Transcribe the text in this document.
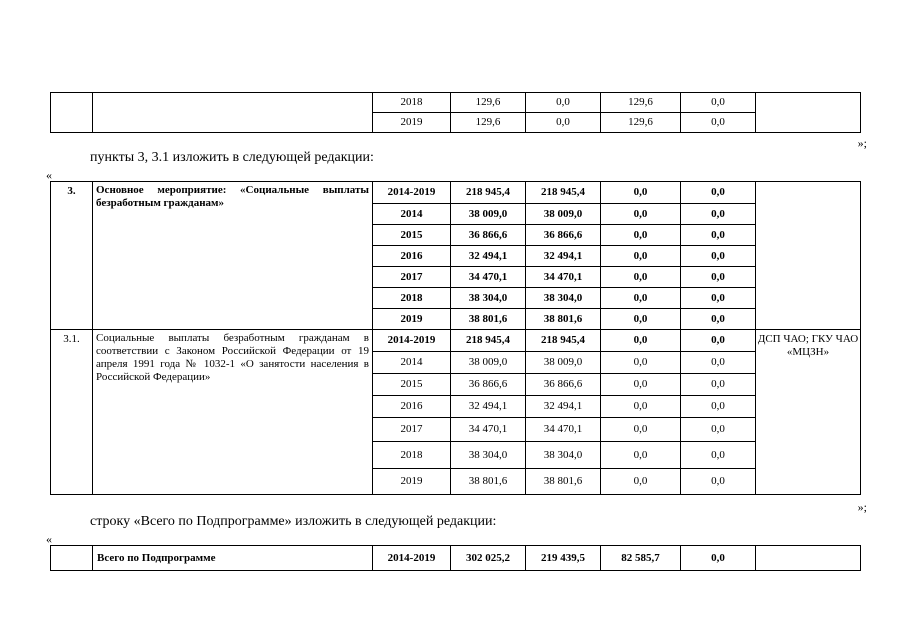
		2018	129,6	0,0	129,6	0,0	
		2019	129,6	0,0	129,6	0,0	
»;
пункты 3, 3.1 изложить в следующей редакции:
«
3.	Основное мероприятие: «Социальные выплаты безработным гражданам»	2014-2019	218 945,4	218 945,4	0,0	0,0	
		2014	38 009,0	38 009,0	0,0	0,0	
		2015	36 866,6	36 866,6	0,0	0,0	
		2016	32 494,1	32 494,1	0,0	0,0	
		2017	34 470,1	34 470,1	0,0	0,0	
		2018	38 304,0	38 304,0	0,0	0,0	
		2019	38 801,6	38 801,6	0,0	0,0	
3.1.	Социальные выплаты безработным гражданам в соответствии с Законом Российской Федерации от 19 апреля 1991 года № 1032-1 «О занятости населения в Российской Федерации»	2014-2019	218 945,4	218 945,4	0,0	0,0	ДСП ЧАО; ГКУ ЧАО «МЦЗН»
		2014	38 009,0	38 009,0	0,0	0,0	
		2015	36 866,6	36 866,6	0,0	0,0	
		2016	32 494,1	32 494,1	0,0	0,0	
		2017	34 470,1	34 470,1	0,0	0,0	
		2018	38 304,0	38 304,0	0,0	0,0	
		2019	38 801,6	38 801,6	0,0	0,0	
»;
строку «Всего по Подпрограмме» изложить в следующей редакции:
«
	Всего по Подпрограмме	2014-2019	302 025,2	219 439,5	82 585,7	0,0	
